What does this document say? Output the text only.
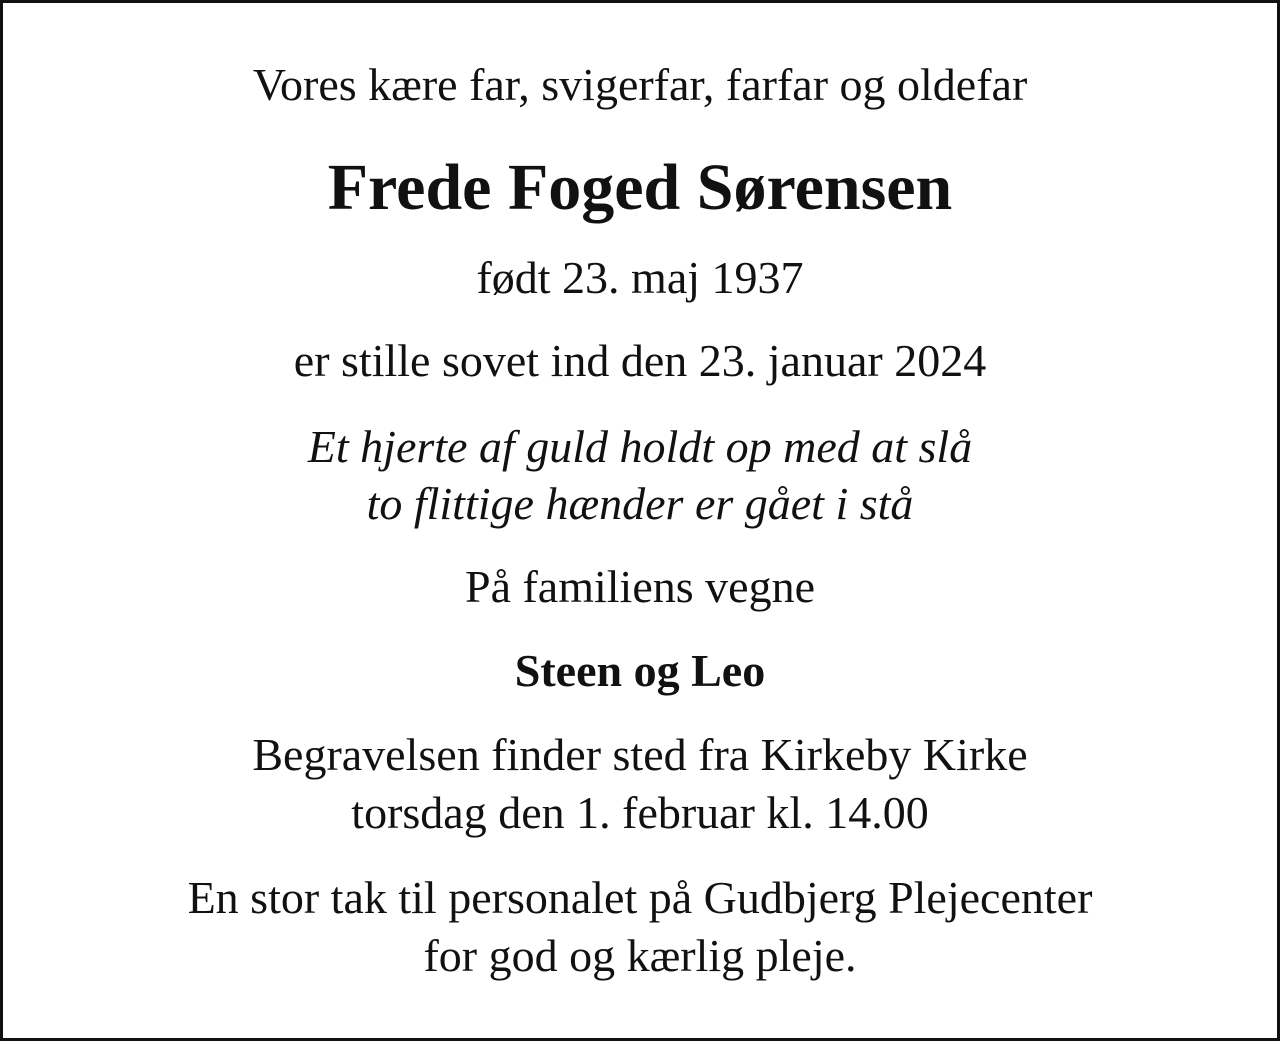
Vores kære far, svigerfar, farfar og oldefar

Frede Foged Sørensen

født 23. maj 1937

er stille sovet ind den 23. januar 2024

Et hjerte af guld holdt op med at slå
to flittige hænder er gået i stå

På familiens vegne

Steen og Leo

Begravelsen finder sted fra Kirkeby Kirke
torsdag den 1. februar kl. 14.00
En stor tak til personalet på Gudbjerg Plejecenter
for god og kærlig pleje.
